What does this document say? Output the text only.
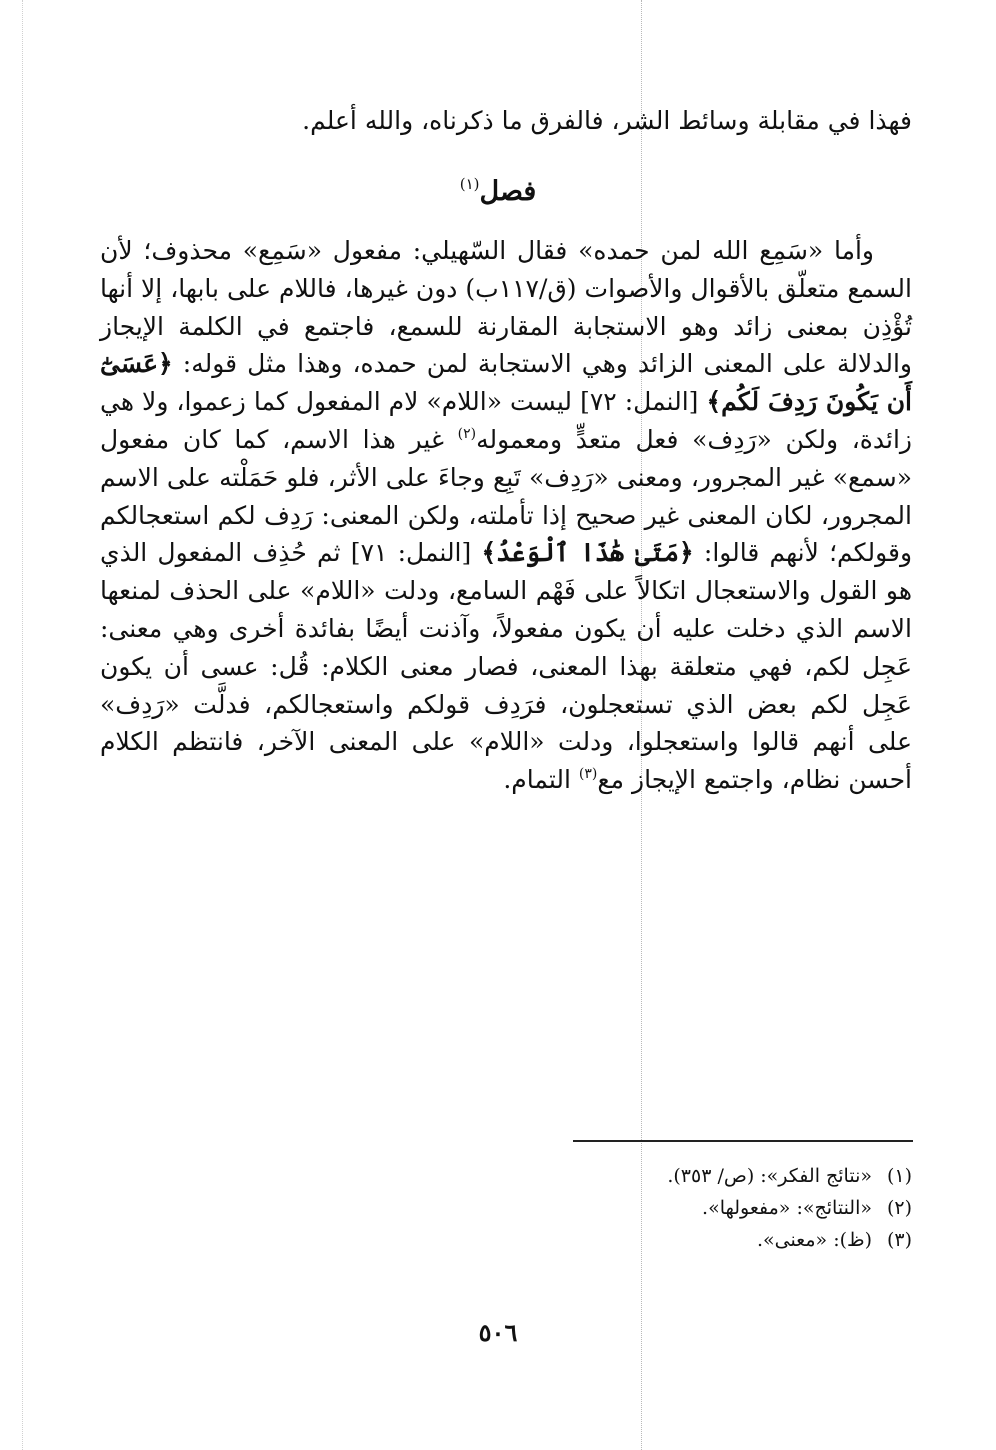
فهذا في مقابلة وسائط الشر، فالفرق ما ذكرناه، والله أعلم.
فصل$^{(١)}$

وأما «سَمِع الله لمن حمده» فقال السّهيلي: مفعول «سَمِع» محذوف؛ لأن السمع متعلّق بالأقوال والأصوات (ق/١١٧ب) دون غيرها، فاللام على بابها، إلا أنها تُؤْذِن بمعنى زائد وهو الاستجابة المقارنة للسمع، فاجتمع في الكلمة الإيجاز والدلالة على المعنى الزائد وهي الاستجابة لمن حمده، وهذا مثل قوله: ﴿عَسَىٰٓ أَن يَكُونَ رَدِفَ لَكُم﴾ [النمل: ٧٢] ليست «اللام» لام المفعول كما زعموا، ولا هي زائدة، ولكن «رَدِف» فعل متعدٍّ ومعموله$^{(٢)}$ غير هذا الاسم، كما كان مفعول «سمع» غير المجرور، ومعنى «رَدِف» تَبِع وجاءَ على الأثر، فلو حَمَلْته على الاسم المجرور، لكان المعنى غير صحيح إذا تأملته، ولكن المعنى: رَدِف لكم استعجالكم وقولكم؛ لأنهم قالوا: ﴿مَتَىٰ هَٰذَا ٱلْوَعْدُ﴾ [النمل: ٧١] ثم حُذِف المفعول الذي هو القول والاستعجال اتكالاً على فَهْم السامع، ودلت «اللام» على الحذف لمنعها الاسم الذي دخلت عليه أن يكون مفعولاً، وآذنت أيضًا بفائدة أخرى وهي معنى: عَجِل لكم، فهي متعلقة بهذا المعنى، فصار معنى الكلام: قُل: عسى أن يكون عَجِل لكم بعض الذي تستعجلون، فرَدِف قولكم واستعجالكم، فدلَّت «رَدِف» على أنهم قالوا واستعجلوا، ودلت «اللام» على المعنى الآخر، فانتظم الكلام أحسن نظام، واجتمع الإيجاز مع$^{(٣)}$ التمام.

(١)«نتائج الفكر»: (ص/ ٣٥٣).
(٢)«النتائج»: «مفعولها».
(٣)(ظ): «معنى».
٥٠٦
